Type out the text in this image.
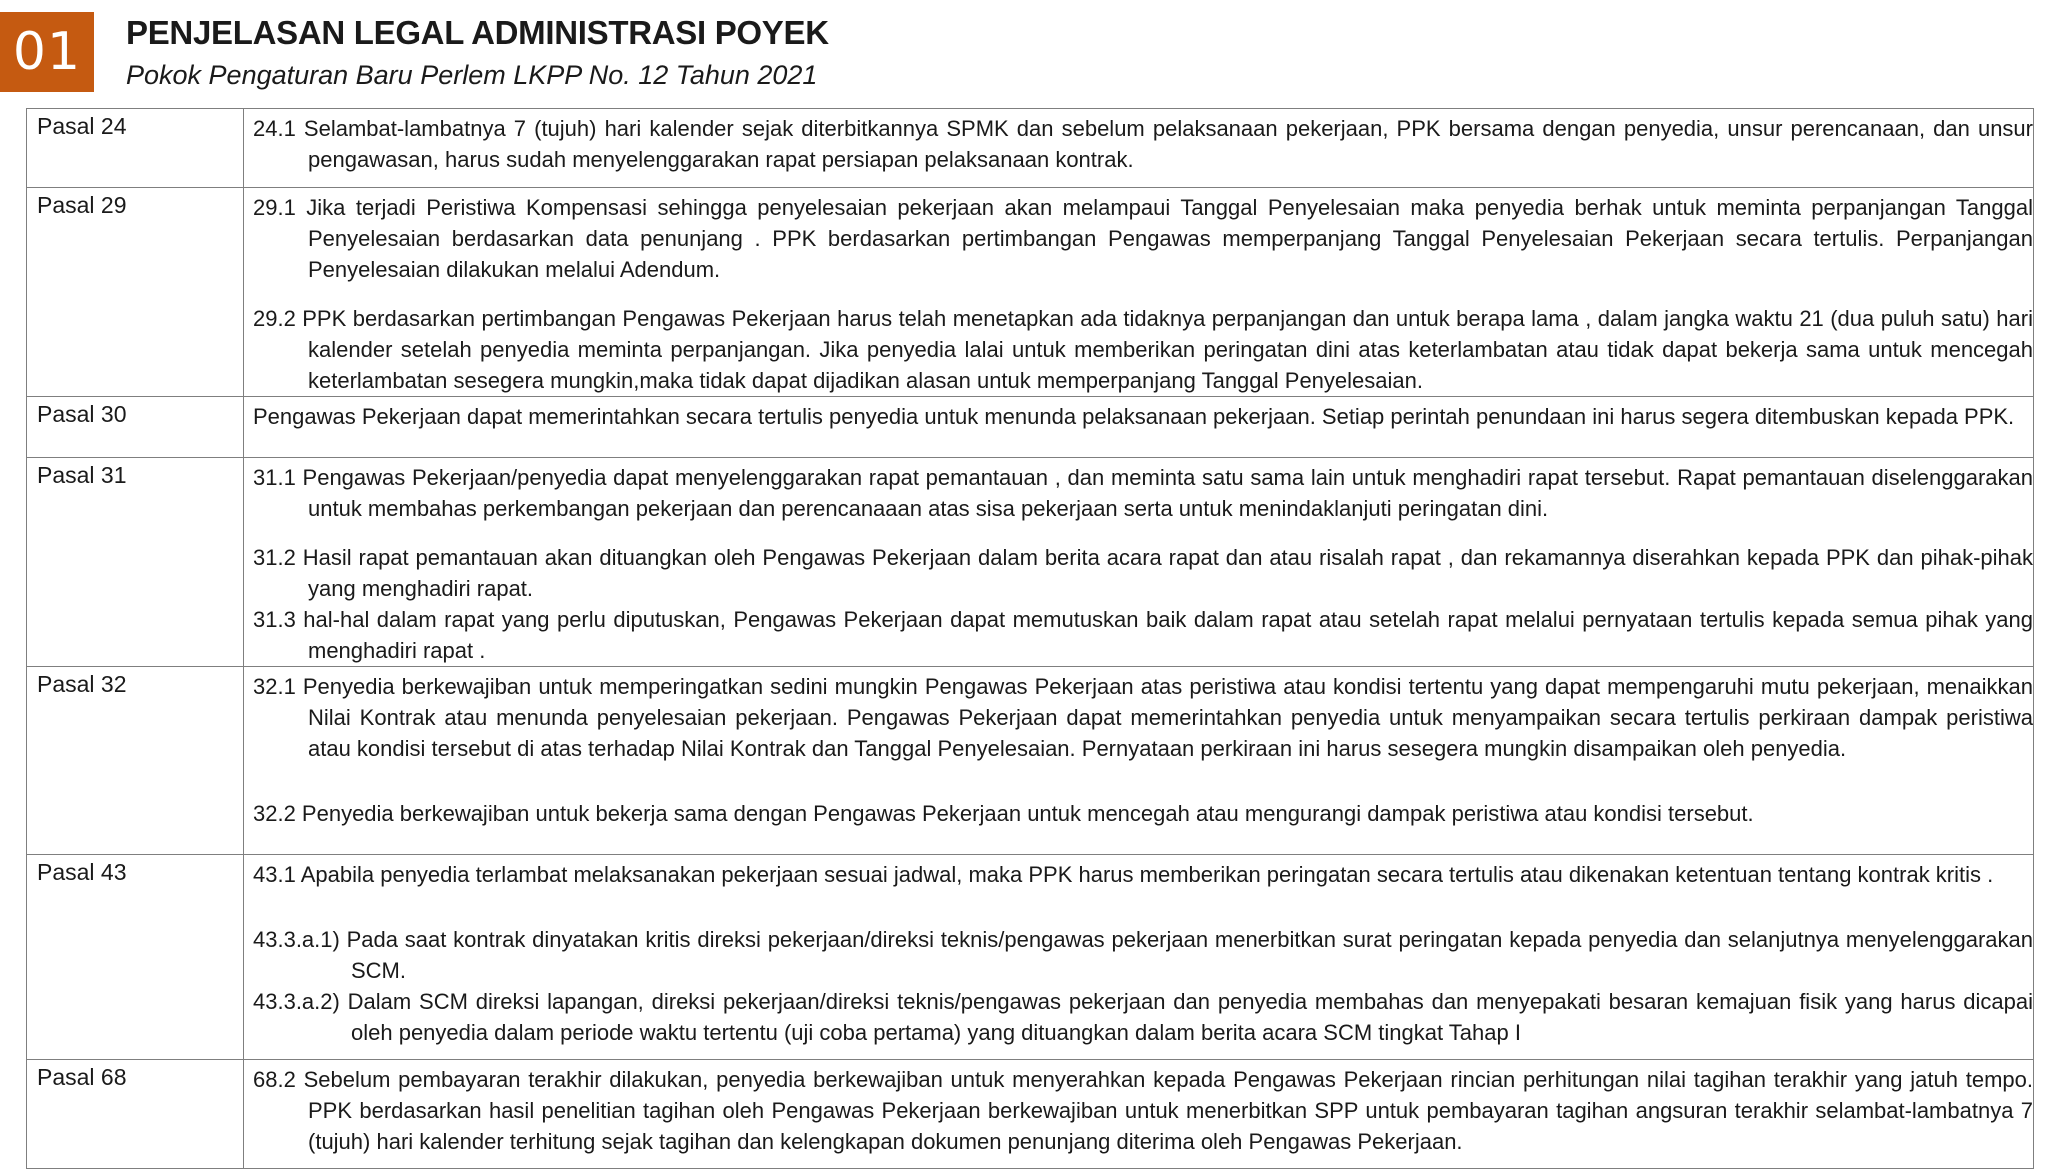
01	PENJELASAN LEGAL ADMINISTRASI POYEK
Pokok Pengaturan Baru Perlem LKPP No. 12 Tahun 2021
Pasal 24	24.1 Selambat-lambatnya 7 (tujuh) hari kalender sejak diterbitkannya SPMK dan sebelum pelaksanaan pekerjaan, PPK bersama dengan penyedia, unsur perencanaan, dan unsur pengawasan, harus sudah menyelenggarakan rapat persiapan pelaksanaan kontrak.

Pasal 29	29.1 Jika terjadi Peristiwa Kompensasi sehingga penyelesaian pekerjaan akan melampaui Tanggal Penyelesaian maka penyedia berhak untuk meminta perpanjangan Tanggal Penyelesaian berdasarkan data penunjang . PPK berdasarkan pertimbangan Pengawas memperpanjang Tanggal Penyelesaian Pekerjaan secara tertulis. Perpanjangan Penyelesaian dilakukan melalui Adendum.

29.2 PPK berdasarkan pertimbangan Pengawas Pekerjaan harus telah menetapkan ada tidaknya perpanjangan dan untuk berapa lama , dalam jangka waktu 21 (dua puluh satu) hari kalender setelah penyedia meminta perpanjangan. Jika penyedia lalai untuk memberikan peringatan dini atas keterlambatan atau tidak dapat bekerja sama untuk mencegah keterlambatan sesegera mungkin,maka tidak dapat dijadikan alasan untuk memperpanjang Tanggal Penyelesaian.

Pasal 30	Pengawas Pekerjaan dapat memerintahkan secara tertulis penyedia untuk menunda pelaksanaan pekerjaan. Setiap perintah penundaan ini harus segera ditembuskan kepada PPK.

Pasal 31	31.1 Pengawas Pekerjaan/penyedia dapat menyelenggarakan rapat pemantauan , dan meminta satu sama lain untuk menghadiri rapat tersebut. Rapat pemantauan diselenggarakan untuk membahas perkembangan pekerjaan dan perencanaaan atas sisa pekerjaan serta untuk menindaklanjuti peringatan dini.

31.2 Hasil rapat pemantauan akan dituangkan oleh Pengawas Pekerjaan dalam berita acara rapat dan atau risalah rapat , dan rekamannya diserahkan kepada PPK dan pihak-pihak yang menghadiri rapat.

31.3 hal-hal dalam rapat yang perlu diputuskan, Pengawas Pekerjaan dapat memutuskan baik dalam rapat atau setelah rapat melalui pernyataan tertulis kepada semua pihak yang menghadiri rapat .

Pasal 32	32.1 Penyedia berkewajiban untuk memperingatkan sedini mungkin Pengawas Pekerjaan atas peristiwa atau kondisi tertentu yang dapat mempengaruhi mutu pekerjaan, menaikkan Nilai Kontrak atau menunda penyelesaian pekerjaan. Pengawas Pekerjaan dapat memerintahkan penyedia untuk menyampaikan secara tertulis perkiraan dampak peristiwa atau kondisi tersebut di atas terhadap Nilai Kontrak dan Tanggal Penyelesaian. Pernyataan perkiraan ini harus sesegera mungkin disampaikan oleh penyedia.

32.2 Penyedia berkewajiban untuk bekerja sama dengan Pengawas Pekerjaan untuk mencegah atau mengurangi dampak peristiwa atau kondisi tersebut.

Pasal 43	43.1 Apabila penyedia terlambat melaksanakan pekerjaan sesuai jadwal, maka PPK harus memberikan peringatan secara tertulis atau dikenakan ketentuan tentang kontrak kritis .

43.3.a.1) Pada saat kontrak dinyatakan kritis direksi pekerjaan/direksi teknis/pengawas pekerjaan menerbitkan surat peringatan kepada penyedia dan selanjutnya menyelenggarakan SCM.

43.3.a.2) Dalam SCM direksi lapangan, direksi pekerjaan/direksi teknis/pengawas pekerjaan dan penyedia membahas dan menyepakati besaran kemajuan fisik yang harus dicapai oleh penyedia dalam periode waktu tertentu (uji coba pertama) yang dituangkan dalam berita acara SCM tingkat Tahap I

Pasal 68	68.2 Sebelum pembayaran terakhir dilakukan, penyedia berkewajiban untuk menyerahkan kepada Pengawas Pekerjaan rincian perhitungan nilai tagihan terakhir yang jatuh tempo. PPK berdasarkan hasil penelitian tagihan oleh Pengawas Pekerjaan berkewajiban untuk menerbitkan SPP untuk pembayaran tagihan angsuran terakhir selambat-lambatnya 7 (tujuh) hari kalender terhitung sejak tagihan dan kelengkapan dokumen penunjang diterima oleh Pengawas Pekerjaan.
